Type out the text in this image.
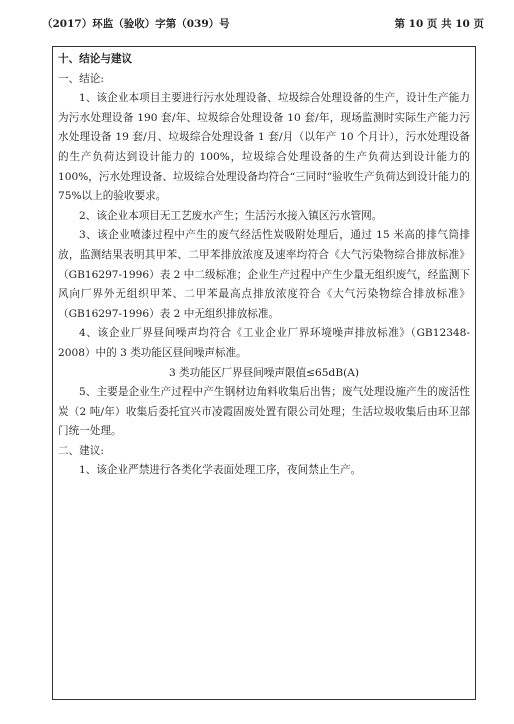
（2017）环监（验收）字第（039）号	第 10 页 共 10 页

十、结论与建议

一、结论:

1、该企业本项目主要进行污水处理设备、垃圾综合处理设备的生产，设计生产能力为污水处理设备 190 套/年、垃圾综合处理设备 10 套/年，现场监测时实际生产能力污水处理设备 19 套/月、垃圾综合处理设备 1 套/月（以年产 10 个月计），污水处理设备的生产负荷达到设计能力的 100%，垃圾综合处理设备的生产负荷达到设计能力的 100%，污水处理设备、垃圾综合处理设备均符合“三同时”验收生产负荷达到设计能力的 75%以上的验收要求。

2、该企业本项目无工艺废水产生；生活污水接入镇区污水管网。

3、该企业喷漆过程中产生的废气经活性炭吸附处理后，通过 15 米高的排气筒排放，监测结果表明其甲苯、二甲苯排放浓度及速率均符合《大气污染物综合排放标准》（GB16297-1996）表 2 中二级标准；企业生产过程中产生少量无组织废气，经监测下风向厂界外无组织甲苯、二甲苯最高点排放浓度符合《大气污染物综合排放标准》（GB16297-1996）表 2 中无组织排放标准。

4、该企业厂界昼间噪声均符合《工业企业厂界环境噪声排放标准》（GB12348-2008）中的 3 类功能区昼间噪声标准。

3 类功能区厂界昼间噪声限值≤65dB(A)

5、主要是企业生产过程中产生钢材边角料收集后出售；废气处理设施产生的废活性炭（2 吨/年）收集后委托宜兴市凌霞固废处置有限公司处理；生活垃圾收集后由环卫部门统一处理。

二、建议:

1、该企业严禁进行各类化学表面处理工序，夜间禁止生产。
